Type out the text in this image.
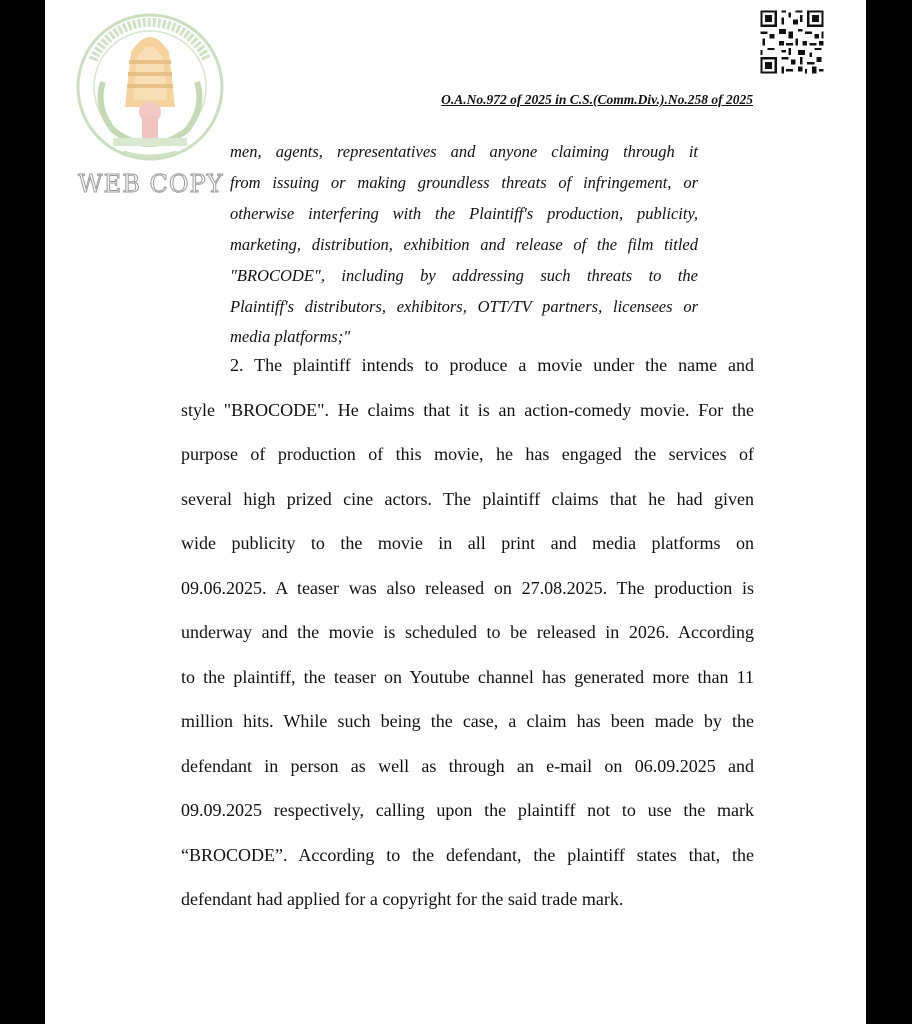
WEB COPY
O.A.No.972 of 2025 in C.S.(Comm.Div.).No.258 of 2025
men, agents, representatives and anyone claiming through it
from issuing or making groundless threats of infringement, or
otherwise interfering with the Plaintiff's production, publicity,
marketing, distribution, exhibition and release of the film titled
"BROCODE", including by addressing such threats to the
Plaintiff's distributors, exhibitors, OTT/TV partners, licensees or
media platforms;"
2. The plaintiff intends to produce a movie under the name and
style "BROCODE". He claims that it is an action-comedy movie. For the
purpose of production of this movie, he has engaged the services of
several high prized cine actors. The plaintiff claims that he had given
wide publicity to the movie in all print and media platforms on
09.06.2025. A teaser was also released on 27.08.2025. The production is
underway and the movie is scheduled to be released in 2026. According
to the plaintiff, the teaser on Youtube channel has generated more than 11
million hits. While such being the case, a claim has been made by the
defendant in person as well as through an e-mail on 06.09.2025 and
09.09.2025 respectively, calling upon the plaintiff not to use the mark
“BROCODE”. According to the defendant, the plaintiff states that, the
defendant had applied for a copyright for the said trade mark.
